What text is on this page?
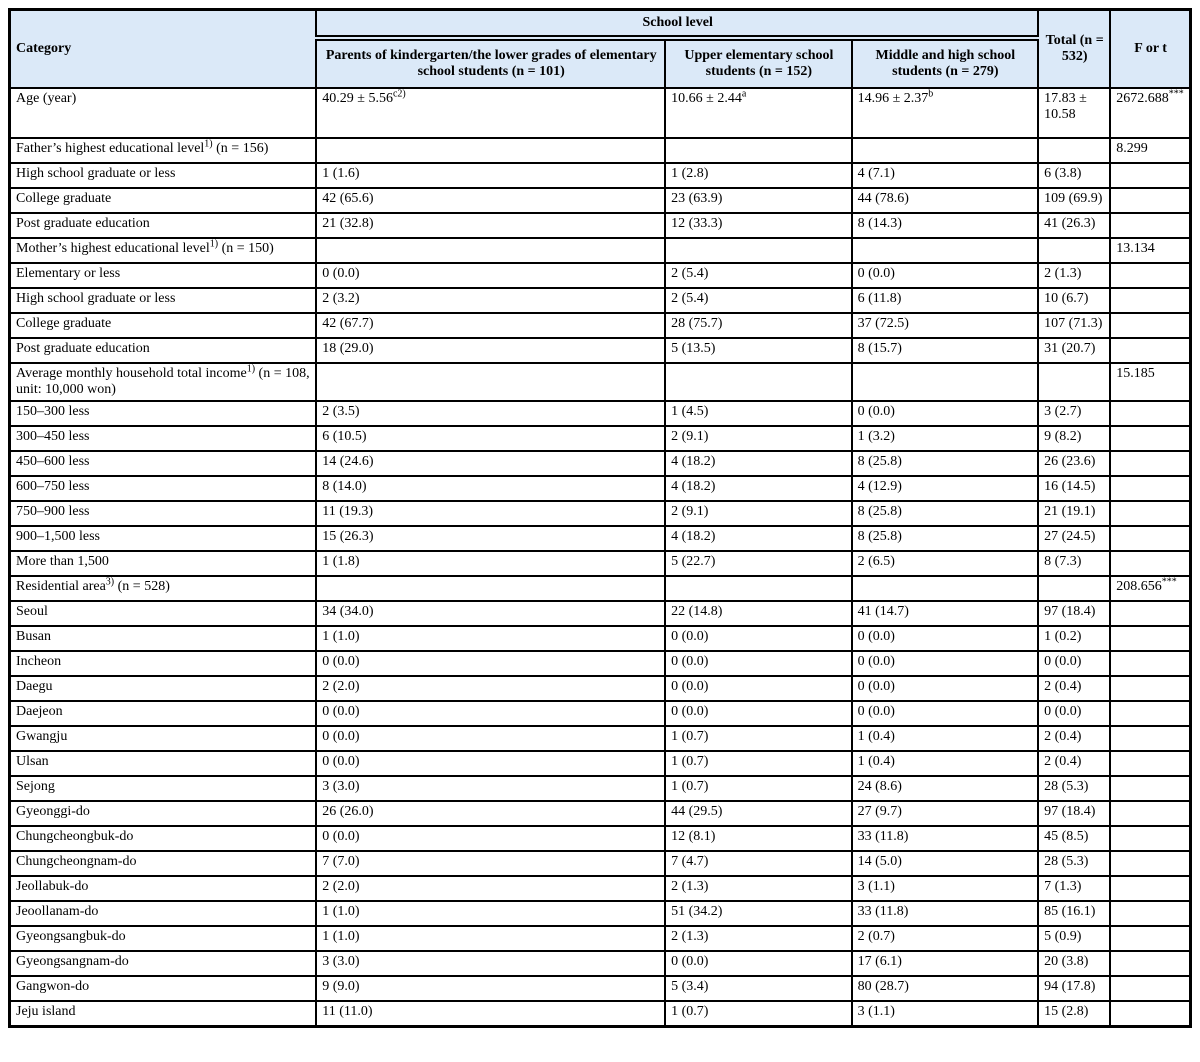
Category	School level			Total (n = 532)	F or t
	Parents of kindergarten/the lower grades of elementary school students (n = 101)	Upper elementary school students (n = 152)	Middle and high school students (n = 279)		
Age (year)	$40.29 \pm 5.56^{c2)}$	10.66 ± 2.44$^a$	14.96 ± 2.37$^b$	17.83 ± 10.58	2672.688***
Father’s highest educational level$^{1)}$ (n = 156)					8.299
High school graduate or less	1 (1.6)	1 (2.8)	4 (7.1)	6 (3.8)	
College graduate	42 (65.6)	23 (63.9)	44 (78.6)	109 (69.9)	
Post graduate education	21 (32.8)	12 (33.3)	8 (14.3)	41 (26.3)	
Mother’s highest educational level$^{1)}$ (n = 150)					13.134
Elementary or less	0 (0.0)	2 (5.4)	0 (0.0)	2 (1.3)	
High school graduate or less	2 (3.2)	2 (5.4)	6 (11.8)	10 (6.7)	
College graduate	42 (67.7)	28 (75.7)	37 (72.5)	107 (71.3)	
Post graduate education	18 (29.0)	5 (13.5)	8 (15.7)	31 (20.7)	
Average monthly household total income$^{1)}$ (n = 108, unit: 10,000 won)					15.185
150–300 less	2 (3.5)	1 (4.5)	0 (0.0)	3 (2.7)	
300–450 less	6 (10.5)	2 (9.1)	1 (3.2)	9 (8.2)	
450–600 less	14 (24.6)	4 (18.2)	8 (25.8)	26 (23.6)	
600–750 less	8 (14.0)	4 (18.2)	4 (12.9)	16 (14.5)	
750–900 less	11 (19.3)	2 (9.1)	8 (25.8)	21 (19.1)	
900–1,500 less	15 (26.3)	4 (18.2)	8 (25.8)	27 (24.5)	
More than 1,500	1 (1.8)	5 (22.7)	2 (6.5)	8 (7.3)	
Residential area$^{3)}$ (n = 528)					208.656***
Seoul	34 (34.0)	22 (14.8)	41 (14.7)	97 (18.4)	
Busan	1 (1.0)	0 (0.0)	0 (0.0)	1 (0.2)	
Incheon	0 (0.0)	0 (0.0)	0 (0.0)	0 (0.0)	
Daegu	2 (2.0)	0 (0.0)	0 (0.0)	2 (0.4)	
Daejeon	0 (0.0)	0 (0.0)	0 (0.0)	0 (0.0)	
Gwangju	0 (0.0)	1 (0.7)	1 (0.4)	2 (0.4)	
Ulsan	0 (0.0)	1 (0.7)	1 (0.4)	2 (0.4)	
Sejong	3 (3.0)	1 (0.7)	24 (8.6)	28 (5.3)	
Gyeonggi-do	26 (26.0)	44 (29.5)	27 (9.7)	97 (18.4)	
Chungcheongbuk-do	0 (0.0)	12 (8.1)	33 (11.8)	45 (8.5)	
Chungcheongnam-do	7 (7.0)	7 (4.7)	14 (5.0)	28 (5.3)	
Jeollabuk-do	2 (2.0)	2 (1.3)	3 (1.1)	7 (1.3)	
Jeoollanam-do	1 (1.0)	51 (34.2)	33 (11.8)	85 (16.1)	
Gyeongsangbuk-do	1 (1.0)	2 (1.3)	2 (0.7)	5 (0.9)	
Gyeongsangnam-do	3 (3.0)	0 (0.0)	17 (6.1)	20 (3.8)	
Gangwon-do	9 (9.0)	5 (3.4)	80 (28.7)	94 (17.8)	
Jeju island	11 (11.0)	1 (0.7)	3 (1.1)	15 (2.8)	
